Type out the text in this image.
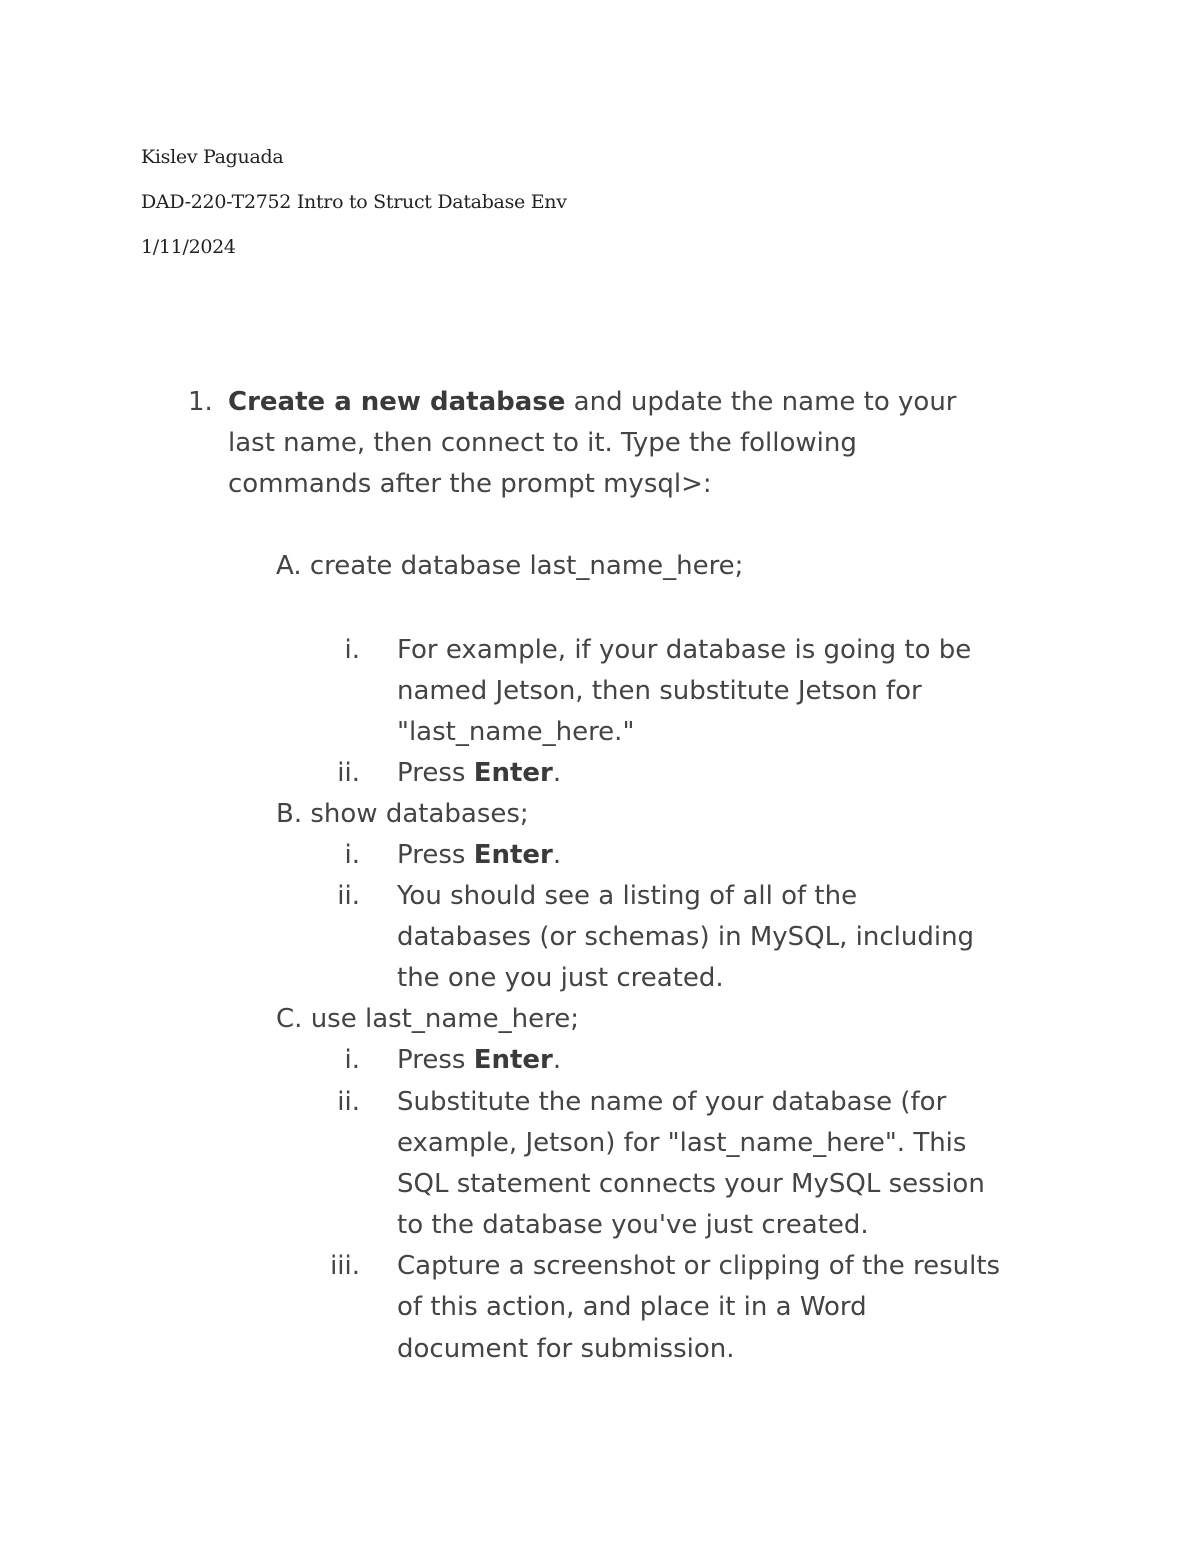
Kislev Paguada
DAD-220-T2752 Intro to Struct Database Env
1/11/2024
1. Create a new database and update the name to your
last name, then connect to it. Type the following
commands after the prompt mysql>:
A. create database last_name_here;
i. For example, if your database is going to be
named Jetson, then substitute Jetson for
"last_name_here."
ii. Press Enter.
B. show databases;
i. Press Enter.
ii. You should see a listing of all of the
databases (or schemas) in MySQL, including
the one you just created.
C. use last_name_here;
i. Press Enter.
ii. Substitute the name of your database (for
example, Jetson) for "last_name_here". This
SQL statement connects your MySQL session
to the database you've just created.
iii. Capture a screenshot or clipping of the results
of this action, and place it in a Word
document for submission.
